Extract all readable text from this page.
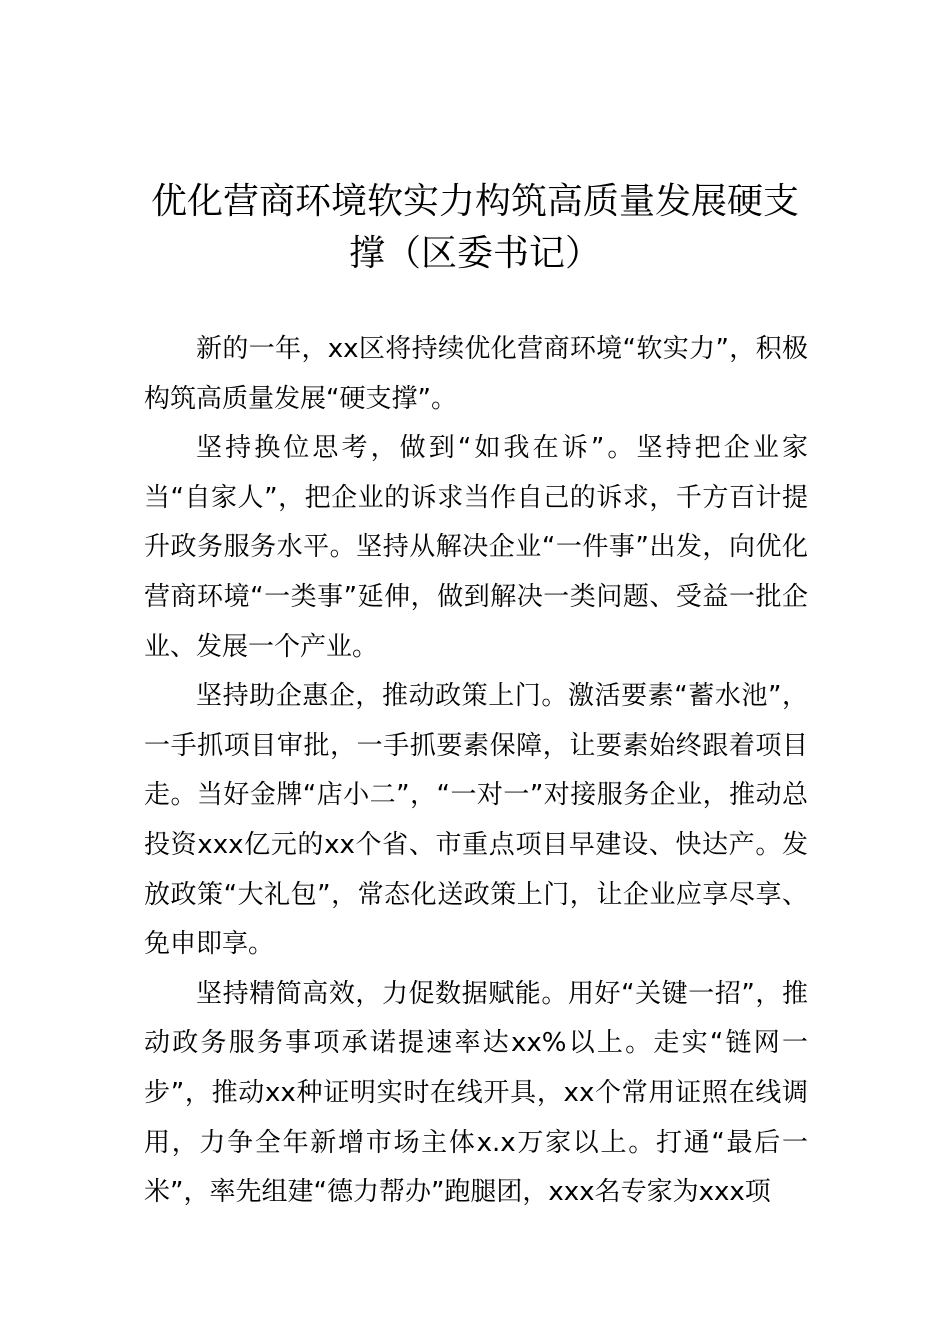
优化营商环境软实力构筑高质量发展硬支撑（区委书记）

新的一年，xx区将持续优化营商环境“软实力”，积极构筑高质量发展“硬支撑”。

坚持换位思考，做到“如我在诉”。坚持把企业家当“自家人”，把企业的诉求当作自己的诉求，千方百计提升政务服务水平。坚持从解决企业“一件事”出发，向优化营商环境“一类事”延伸，做到解决一类问题、受益一批企业、发展一个产业。

坚持助企惠企，推动政策上门。激活要素“蓄水池”，一手抓项目审批，一手抓要素保障，让要素始终跟着项目走。当好金牌“店小二”，“一对一”对接服务企业，推动总投资xxx亿元的xx个省、市重点项目早建设、快达产。发放政策“大礼包”，常态化送政策上门，让企业应享尽享、免申即享。

坚持精简高效，力促数据赋能。用好“关键一招”，推动政务服务事项承诺提速率达xx%以上。走实“链网一步”，推动xx种证明实时在线开具，xx个常用证照在线调用，力争全年新增市场主体x.x万家以上。打通“最后一米”，率先组建“德力帮办”跑腿团，xxx名专家为xxx项
